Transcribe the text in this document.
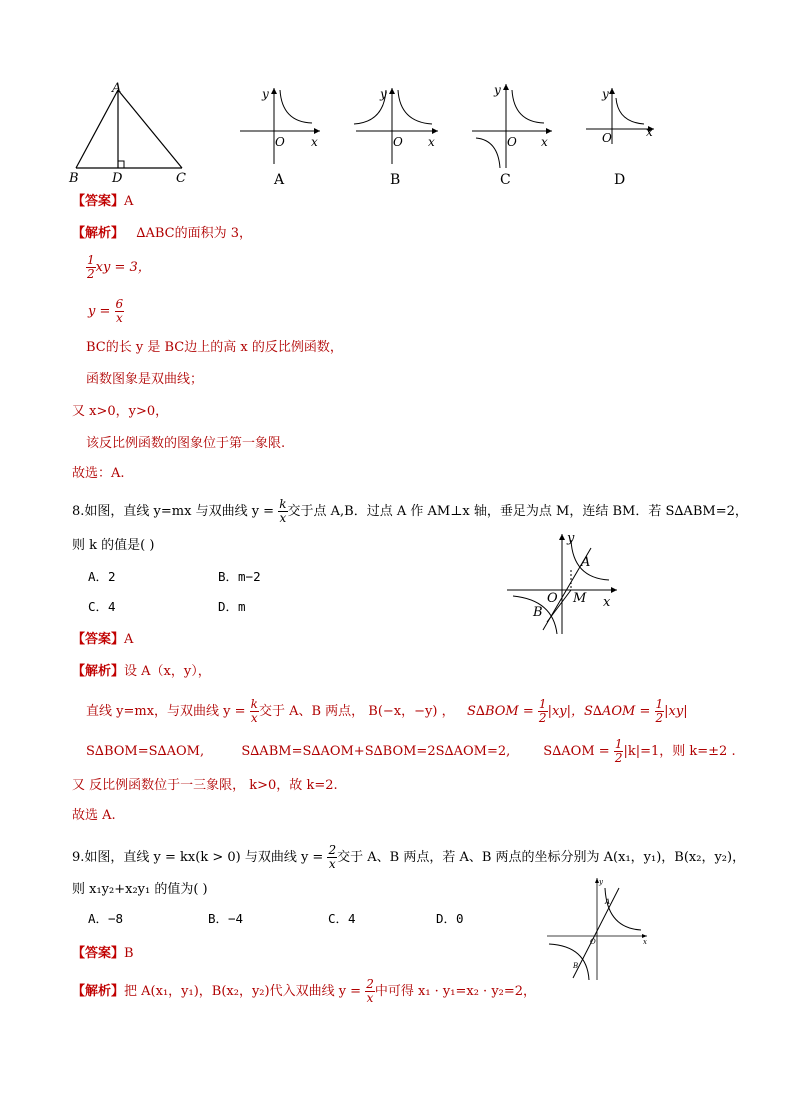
A
B	D	C
y
x
O
A
y
x
O
B
y
x
O
C
y
x
O
D
【答案】A
【解析】 ∆ABC的面积为 3，
$\frac{1}{2}$ xy = 3，
$y = \frac{6}{x}$
BC的长 y 是 BC边上的高 x 的反比例函数，
函数图象是双曲线；
又 x>0，y>0，
该反比例函数的图象位于第一象限.
故选：A.
8.如图，直线 y=mx 与双曲线 $y = \frac{k}{x}$ 交于点 A,B．过点 A 作 AM⊥x 轴，垂足为点 M，连结 BM．若 S∆ABM=2，
则 k 的值是( )
A．2	B．m−2
C．4	D．m
y
x
A
O M
B
【答案】A
【解析】设 A（x，y），
直线 y=mx，与双曲线 $y = \frac{k}{x}$ 交于 A、B 两点， B(−x，−y) ， $S\Delta BOM = \frac{1}{2} |xy|$，$S\Delta AOM = \frac{1}{2} |xy|$
S∆BOM=S∆AOM,	S∆ABM=S∆AOM+S∆BOM=2S∆AOM=2,	$S\Delta AOM = \frac{1}{2} |k|=1$，则 k=±2 .
又 反比例函数位于一三象限， k>0，故 k=2.
故选 A.
9.如图，直线 y = kx(k > 0) 与双曲线 $y = \frac{2}{x}$ 交于 A、B 两点，若 A、B 两点的坐标分别为 A(x₁，y₁)，B(x₂，y₂)，
则 x₁y₂+x₂y₁ 的值为( )
A．−8	B．−4	C．4	D．0
y
x
A
O
B
【答案】B
【解析】把 A(x₁，y₁)，B(x₂，y₂)代入双曲线 $y = \frac{2}{x}$ 中可得 x₁ · y₁=x₂ · y₂=2，
